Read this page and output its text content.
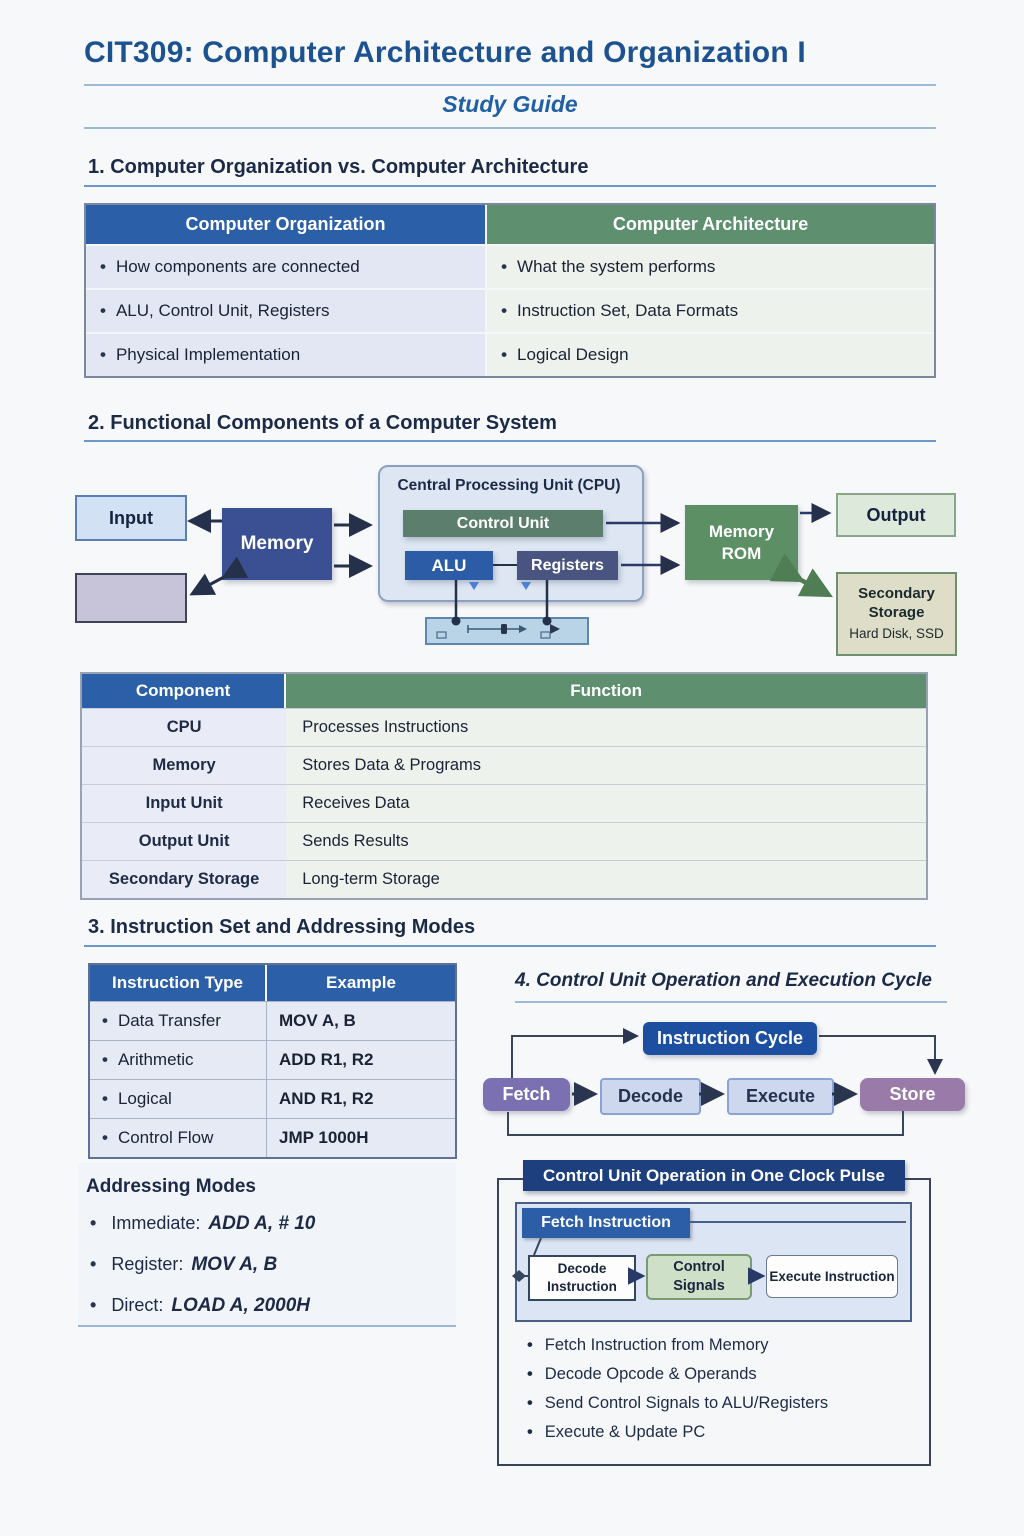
CIT309: Computer Architecture and Organization I
Study Guide
1. Computer Organization vs. Computer Architecture
Computer Organization	Computer Architecture
• How components are connected	• What the system performs
• ALU, Control Unit, Registers	• Instruction Set, Data Formats
• Physical Implementation	• Logical Design
2. Functional Components of a Computer System
Central Processing Unit (CPU)
Control Unit
ALU	Registers
Input
Memory
Memory
ROM
Output
Secondary Storage
Hard Disk, SSD
Component	Function
CPU	Processes Instructions
Memory	Stores Data & Programs
Input Unit	Receives Data
Output Unit	Sends Results
Secondary Storage	Long-term Storage
3. Instruction Set and Addressing Modes
Instruction Type	Example
• Data Transfer	MOV A, B
• Arithmetic	ADD R1, R2
• Logical	AND R1, R2
• Control Flow	JMP 1000H
4. Control Unit Operation and Execution Cycle
Instruction Cycle
Fetch	Decode	Execute	Store
Addressing Modes
• Immediate: ADD A, # 10
• Register: MOV A, B
• Direct: LOAD A, 2000H
Control Unit Operation in One Clock Pulse
Fetch Instruction
Decode Instruction
Control Signals
Execute Instruction
• Fetch Instruction from Memory
• Decode Opcode & Operands
• Send Control Signals to ALU/Registers
• Execute & Update PC
